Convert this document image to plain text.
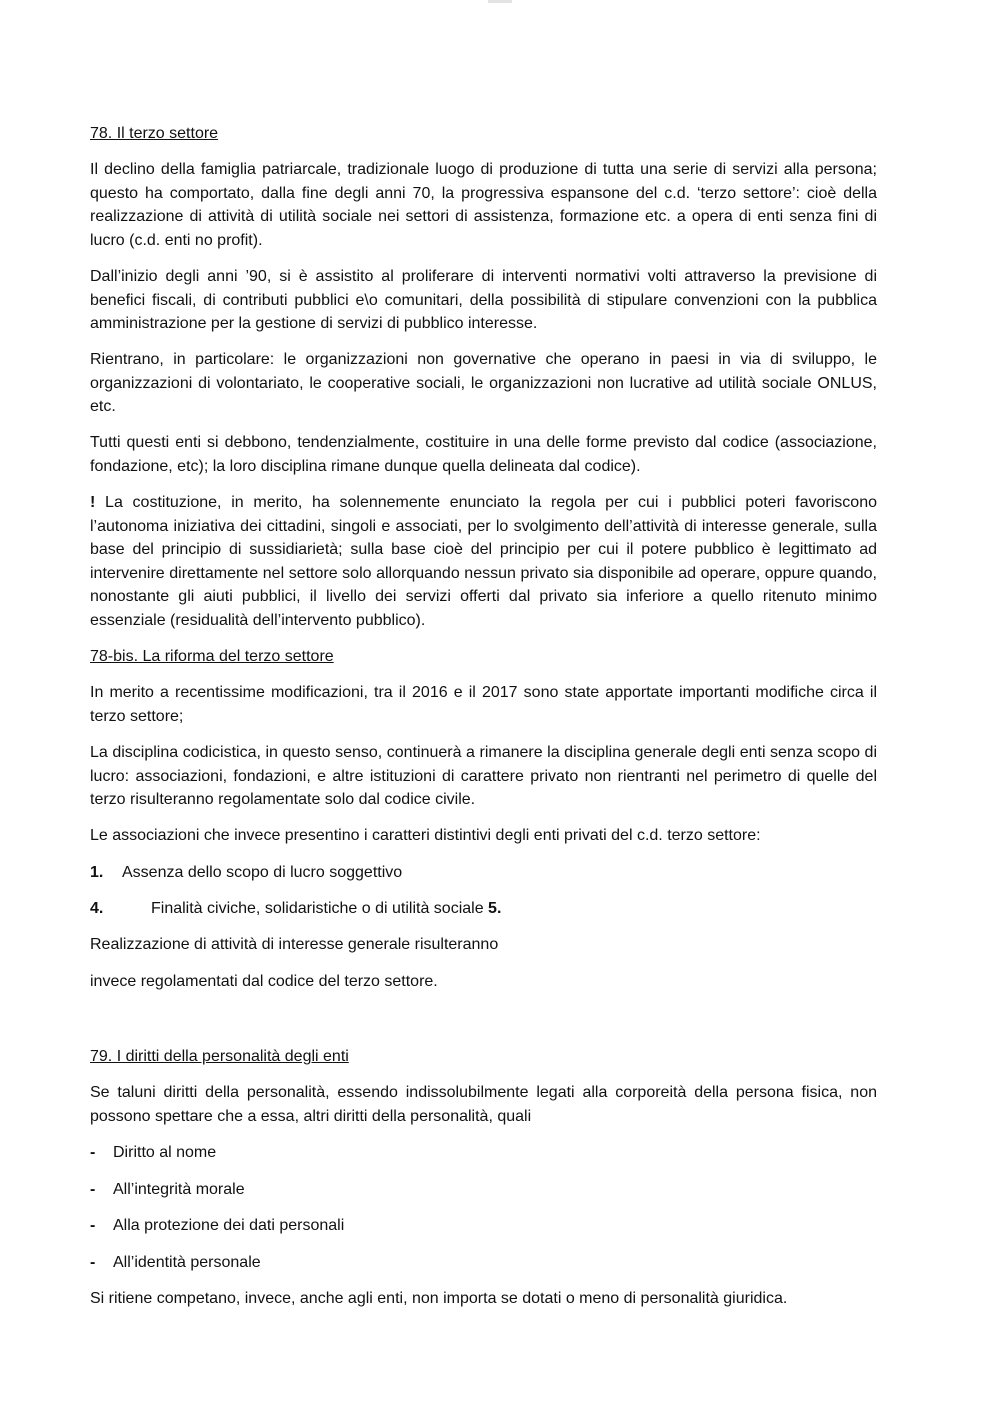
78. Il terzo settore

Il declino della famiglia patriarcale, tradizionale luogo di produzione di tutta una serie di servizi alla persona; questo ha comportato, dalla fine degli anni 70, la progressiva espansone del c.d. ‘terzo settore’: cioè della realizzazione di attività di utilità sociale nei settori di assistenza, formazione etc. a opera di enti senza fini di lucro (c.d. enti no profit).

Dall’inizio degli anni ’90, si è assistito al proliferare di interventi normativi volti attraverso la previsione di benefici fiscali, di contributi pubblici e\o comunitari, della possibilità di stipulare convenzioni con la pubblica amministrazione per la gestione di servizi di pubblico interesse.

Rientrano, in particolare: le organizzazioni non governative che operano in paesi in via di sviluppo, le organizzazioni di volontariato, le cooperative sociali, le organizzazioni non lucrative ad utilità sociale ONLUS, etc.

Tutti questi enti si debbono, tendenzialmente, costituire in una delle forme previsto dal codice (associazione, fondazione, etc); la loro disciplina rimane dunque quella delineata dal codice).

! La costituzione, in merito, ha solennemente enunciato la regola per cui i pubblici poteri favoriscono l’autonoma iniziativa dei cittadini, singoli e associati, per lo svolgimento dell’attività di interesse generale, sulla base del principio di sussidiarietà; sulla base cioè del principio per cui il potere pubblico è legittimato ad intervenire direttamente nel settore solo allorquando nessun privato sia disponibile ad operare, oppure quando, nonostante gli aiuti pubblici, il livello dei servizi offerti dal privato sia inferiore a quello ritenuto minimo essenziale (residualità dell’intervento pubblico).

78-bis. La riforma del terzo settore

In merito a recentissime modificazioni, tra il 2016 e il 2017 sono state apportate importanti modifiche circa il terzo settore;

La disciplina codicistica, in questo senso, continuerà a rimanere la disciplina generale degli enti senza scopo di lucro: associazioni, fondazioni, e altre istituzioni di carattere privato non rientranti nel perimetro di quelle del terzo risulteranno regolamentate solo dal codice civile.

Le associazioni che invece presentino i caratteri distintivi degli enti privati del c.d. terzo settore:

1. Assenza dello scopo di lucro soggettivo
4.	Finalità civiche, solidaristiche o di utilità sociale 5.

Realizzazione di attività di interesse generale risulteranno

invece regolamentati dal codice del terzo settore.

79. I diritti della personalità degli enti

Se taluni diritti della personalità, essendo indissolubilmente legati alla corporeità della persona fisica, non possono spettare che a essa, altri diritti della personalità, quali

- Diritto al nome
- All’integrità morale
- Alla protezione dei dati personali
- All’identità personale

Si ritiene competano, invece, anche agli enti, non importa se dotati o meno di personalità giuridica.
